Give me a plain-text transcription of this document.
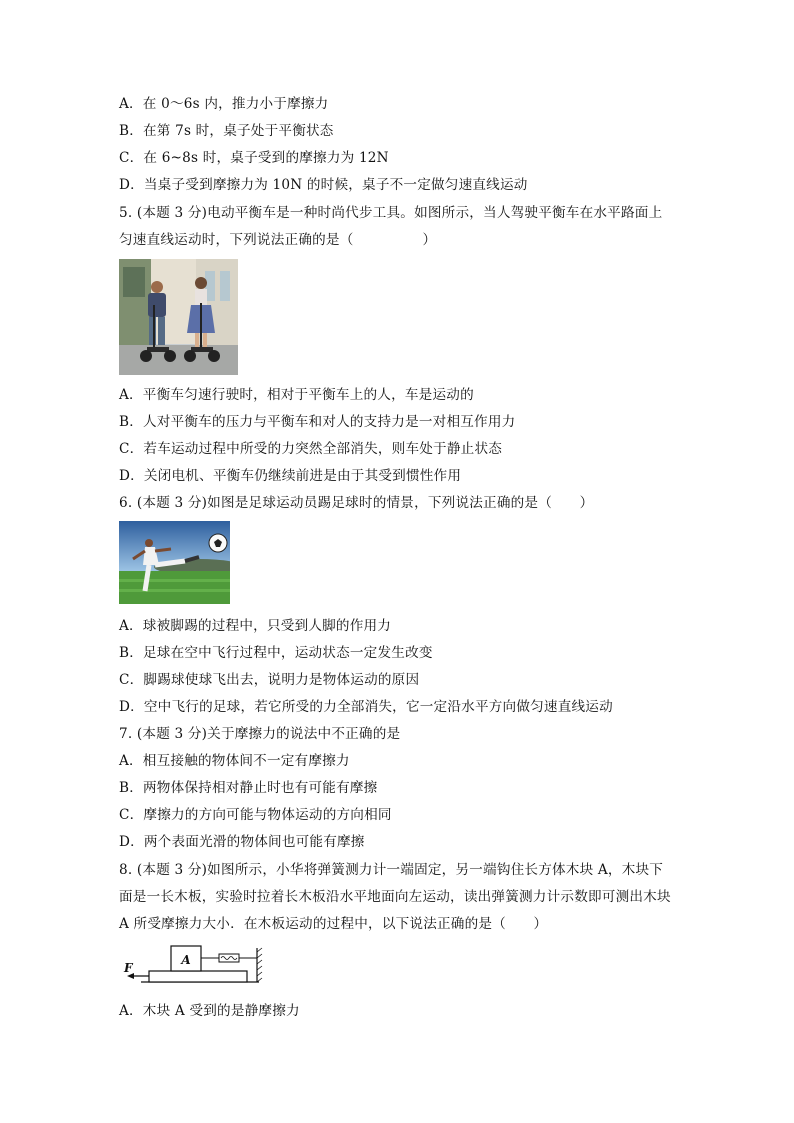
A．在 0～6s 内，推力小于摩擦力
B．在第 7s 时，桌子处于平衡状态
C．在 6~8s 时，桌子受到的摩擦力为 12N
D．当桌子受到摩擦力为 10N 的时候，桌子不一定做匀速直线运动
5. (本题 3 分)电动平衡车是一种时尚代步工具。如图所示，当人驾驶平衡车在水平路面上
匀速直线运动时，下列说法正确的是（　　　　　）
A．平衡车匀速行驶时，相对于平衡车上的人，车是运动的
B．人对平衡车的压力与平衡车和对人的支持力是一对相互作用力
C．若车运动过程中所受的力突然全部消失，则车处于静止状态
D．关闭电机、平衡车仍继续前进是由于其受到惯性作用
6. (本题 3 分)如图是足球运动员踢足球时的情景，下列说法正确的是（　　）
A．球被脚踢的过程中，只受到人脚的作用力
B．足球在空中飞行过程中，运动状态一定发生改变
C．脚踢球使球飞出去，说明力是物体运动的原因
D．空中飞行的足球，若它所受的力全部消失，它一定沿水平方向做匀速直线运动
7. (本题 3 分)关于摩擦力的说法中不正确的是
A．相互接触的物体间不一定有摩擦力
B．两物体保持相对静止时也有可能有摩擦
C．摩擦力的方向可能与物体运动的方向相同
D．两个表面光滑的物体间也可能有摩擦
8. (本题 3 分)如图所示，小华将弹簧测力计一端固定，另一端钩住长方体木块 A，木块下
面是一长木板，实验时拉着长木板沿水平地面向左运动，读出弹簧测力计示数即可测出木块
A 所受摩擦力大小．在木板运动的过程中，以下说法正确的是（　　）
A
F
A．木块 A 受到的是静摩擦力
